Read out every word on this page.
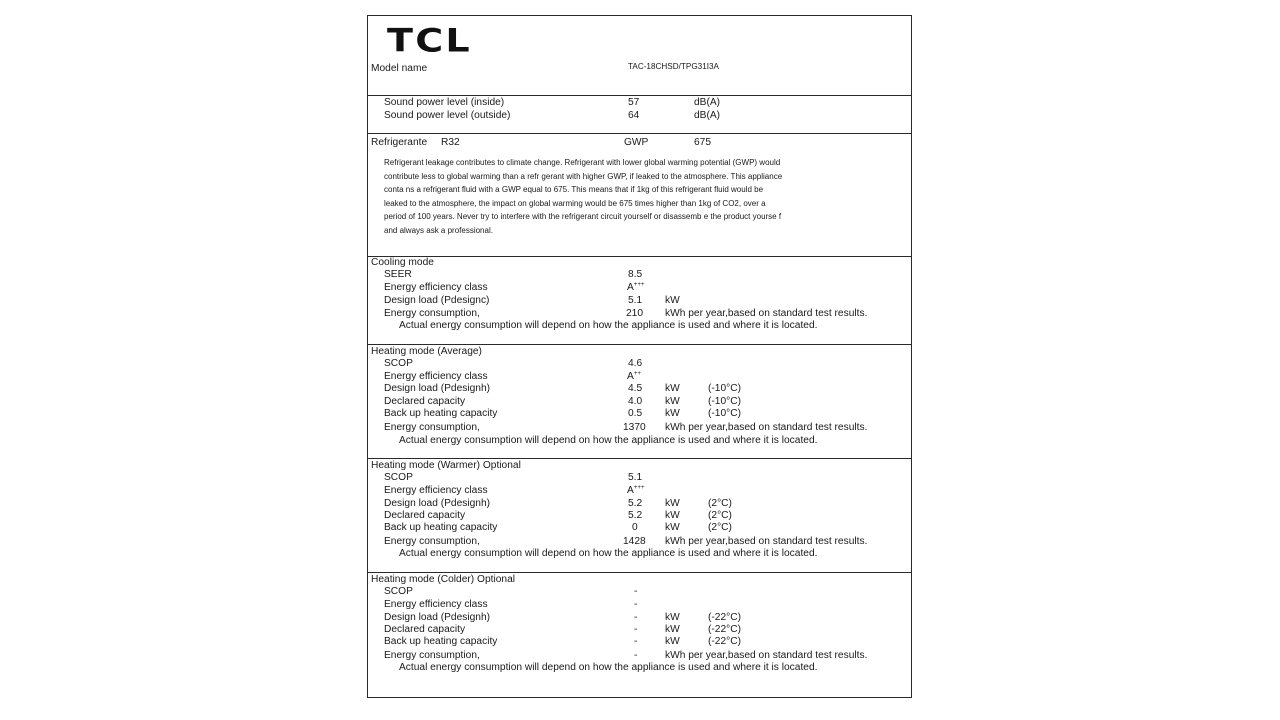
TCL
Model name	TAC-18CHSD/TPG31I3A
Sound power level (inside)	57	dB(A)
Sound power level (outside)	64	dB(A)
Refrigerante R32	GWP	675
Refrigerant leakage contributes to climate change. Refrigerant with lower global warming potential (GWP) would
contribute less to global warming than a refr gerant with higher GWP, if leaked to the atmosphere. This appliance
conta ns a refrigerant fluid with a GWP equal to 675. This means that if 1kg of this refrigerant fluid would be
leaked to the atmosphere, the impact on global warming would be 675 times higher than 1kg of CO2, over a
period of 100 years. Never try to interfere with the refrigerant circuit yourself or disassemb e the product yourse f
and always ask a professional.
Cooling mode
SEER	8.5
Energy efficiency class	A+++
Design load (Pdesignc)	5.1 kW
Energy consumption,	210 kWh per year,based on standard test results.
Actual energy consumption will depend on how the appliance is used and where it is located.
Heating mode (Average)
SCOP	4.6
Energy efficiency class	A++
Design load (Pdesignh)	4.5 kW	(-10°C)
Declared capacity	4.0 kW	(-10°C)
Back up heating capacity	0.5 kW	(-10°C)
Energy consumption,	1370 kWh per year,based on standard test results.
Actual energy consumption will depend on how the appliance is used and where it is located.
Heating mode (Warmer) Optional
SCOP	5.1
Energy efficiency class	A+++
Design load (Pdesignh)	5.2 kW	(2°C)
Declared capacity	5.2 kW	(2°C)
Back up heating capacity	0	kW	(2°C)
Energy consumption,	1428 kWh per year,based on standard test results.
Actual energy consumption will depend on how the appliance is used and where it is located.
Heating mode (Colder) Optional
SCOP	-
Energy efficiency class	-
Design load (Pdesignh)	-	kW	(-22°C)
Declared capacity	-	kW	(-22°C)
Back up heating capacity	-	kW	(-22°C)
Energy consumption,	-	kWh per year,based on standard test results.
Actual energy consumption will depend on how the appliance is used and where it is located.
